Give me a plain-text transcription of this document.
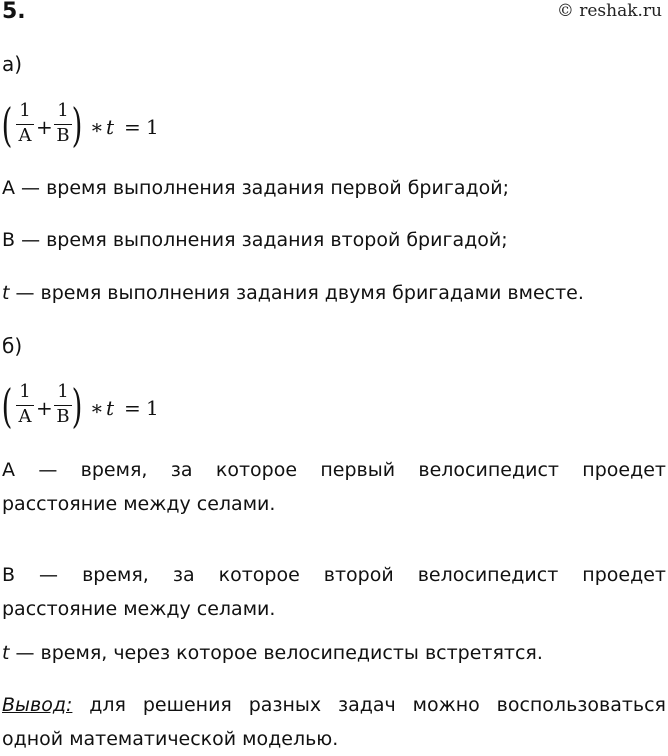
5.	© reshak.ru
а)
( 1
A +
1
B ) ∗ t = 1
A — время выполнения задания первой бригадой;
B — время выполнения задания второй бригадой;
t — время выполнения задания двумя бригадами вместе.
б)
( 1
A +
1
B ) ∗ t = 1
A — время, за которое первый велосипедист проедет
расстояние между селами.
B — время, за которое второй велосипедист проедет
расстояние между селами.
t — время, через которое велосипедисты встретятся.
Вывод: для решения разных задач можно воспользоваться
одной математической моделью.
